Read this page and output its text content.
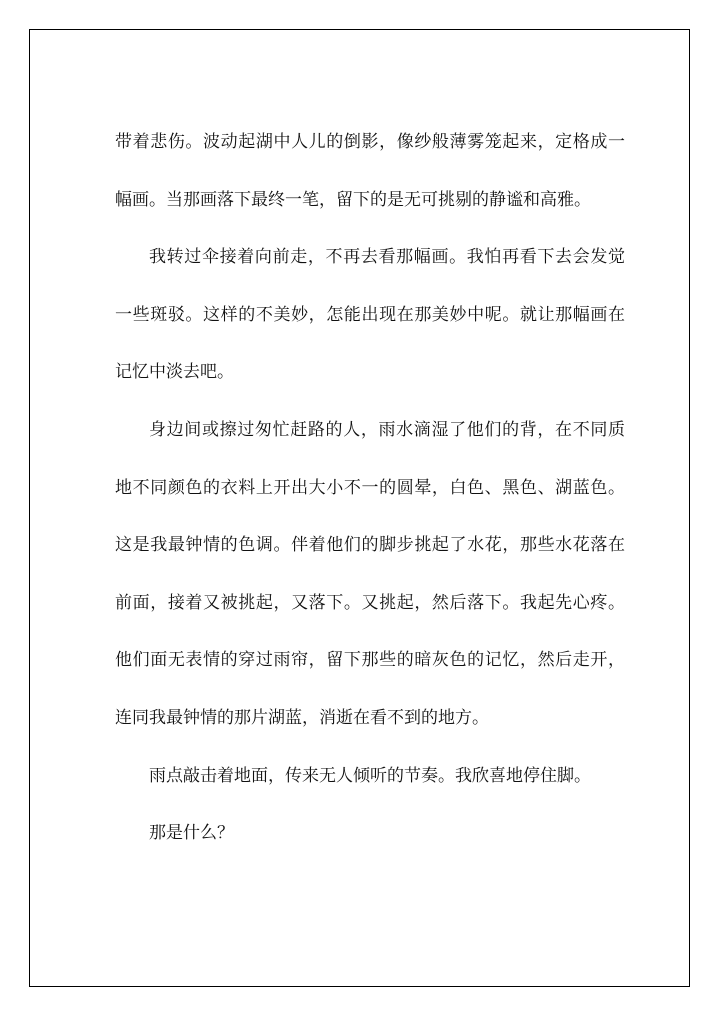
带着悲伤。波动起湖中人儿的倒影，像纱般薄雾笼起来，定格成一
幅画。当那画落下最终一笔，留下的是无可挑剔的静谧和高雅。
我转过伞接着向前走，不再去看那幅画。我怕再看下去会发觉
一些斑驳。这样的不美妙，怎能出现在那美妙中呢。就让那幅画在
记忆中淡去吧。
身边间或擦过匆忙赶路的人，雨水滴湿了他们的背，在不同质
地不同颜色的衣料上开出大小不一的圆晕，白色、黑色、湖蓝色。
这是我最钟情的色调。伴着他们的脚步挑起了水花，那些水花落在
前面，接着又被挑起，又落下。又挑起，然后落下。我起先心疼。
他们面无表情的穿过雨帘，留下那些的暗灰色的记忆，然后走开，
连同我最钟情的那片湖蓝，消逝在看不到的地方。
雨点敲击着地面，传来无人倾听的节奏。我欣喜地停住脚。
那是什么？
